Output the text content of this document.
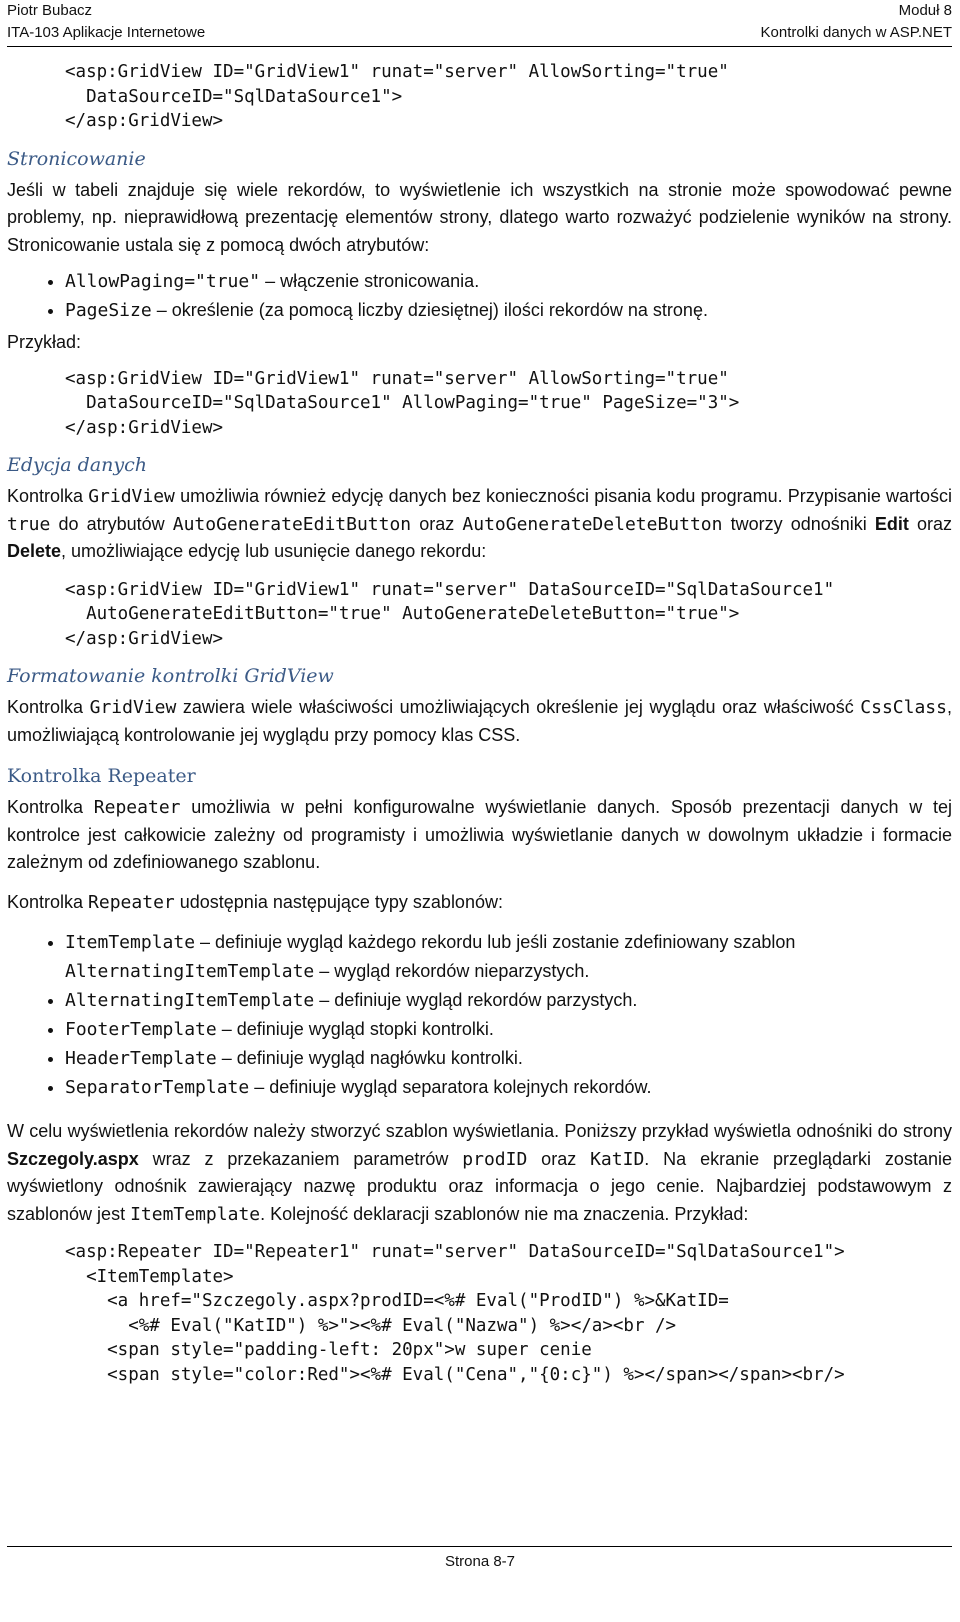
Piotr Bubacz
ITA-103 Aplikacje Internetowe
Moduł 8
Kontrolki danych w ASP.NET
<asp:GridView ID="GridView1" runat="server" AllowSorting="true"
DataSourceID="SqlDataSource1">
</asp:GridView>
Stronicowanie

Jeśli w tabeli znajduje się wiele rekordów, to wyświetlenie ich wszystkich na stronie może spowodować pewne problemy, np. nieprawidłową prezentację elementów strony, dlatego warto rozważyć podzielenie wyników na strony. Stronicowanie ustala się z pomocą dwóch atrybutów:

• AllowPaging="true" – włączenie stronicowania.
• PageSize – określenie (za pomocą liczby dziesiętnej) ilości rekordów na stronę.

Przykład:

<asp:GridView ID="GridView1" runat="server" AllowSorting="true"
DataSourceID="SqlDataSource1" AllowPaging="true" PageSize="3">
</asp:GridView>
Edycja danych

Kontrolka GridView umożliwia również edycję danych bez konieczności pisania kodu programu. Przypisanie wartości true do atrybutów AutoGenerateEditButton oraz AutoGenerateDeleteButton tworzy odnośniki Edit oraz Delete, umożliwiające edycję lub usunięcie danego rekordu:

<asp:GridView ID="GridView1" runat="server" DataSourceID="SqlDataSource1"
AutoGenerateEditButton="true" AutoGenerateDeleteButton="true">
</asp:GridView>
Formatowanie kontrolki GridView

Kontrolka GridView zawiera wiele właściwości umożliwiających określenie jej wyglądu oraz właściwość CssClass, umożliwiającą kontrolowanie jej wyglądu przy pomocy klas CSS.

Kontrolka Repeater

Kontrolka Repeater umożliwia w pełni konfigurowalne wyświetlanie danych. Sposób prezentacji danych w tej kontrolce jest całkowicie zależny od programisty i umożliwia wyświetlanie danych w dowolnym układzie i formacie zależnym od zdefiniowanego szablonu.

Kontrolka Repeater udostępnia następujące typy szablonów:

• ItemTemplate – definiuje wygląd każdego rekordu lub jeśli zostanie zdefiniowany szablon AlternatingItemTemplate – wygląd rekordów nieparzystych.
• AlternatingItemTemplate – definiuje wygląd rekordów parzystych.
• FooterTemplate – definiuje wygląd stopki kontrolki.
• HeaderTemplate – definiuje wygląd nagłówku kontrolki.
• SeparatorTemplate – definiuje wygląd separatora kolejnych rekordów.

W celu wyświetlenia rekordów należy stworzyć szablon wyświetlania. Poniższy przykład wyświetla odnośniki do strony Szczegoly.aspx wraz z przekazaniem parametrów prodID oraz KatID. Na ekranie przeglądarki zostanie wyświetlony odnośnik zawierający nazwę produktu oraz informacja o jego cenie. Najbardziej podstawowym z szablonów jest ItemTemplate. Kolejność deklaracji szablonów nie ma znaczenia. Przykład:

<asp:Repeater ID="Repeater1" runat="server" DataSourceID="SqlDataSource1">
<ItemTemplate>
<a href="Szczegoly.aspx?prodID=<%# Eval("ProdID") %>&KatID=
<%# Eval("KatID") %>"><%# Eval("Nazwa") %></a><br />
<span style="padding-left: 20px">w super cenie
<span style="color:Red"><%# Eval("Cena","{0:c}") %></span></span><br/>
Strona 8-7
